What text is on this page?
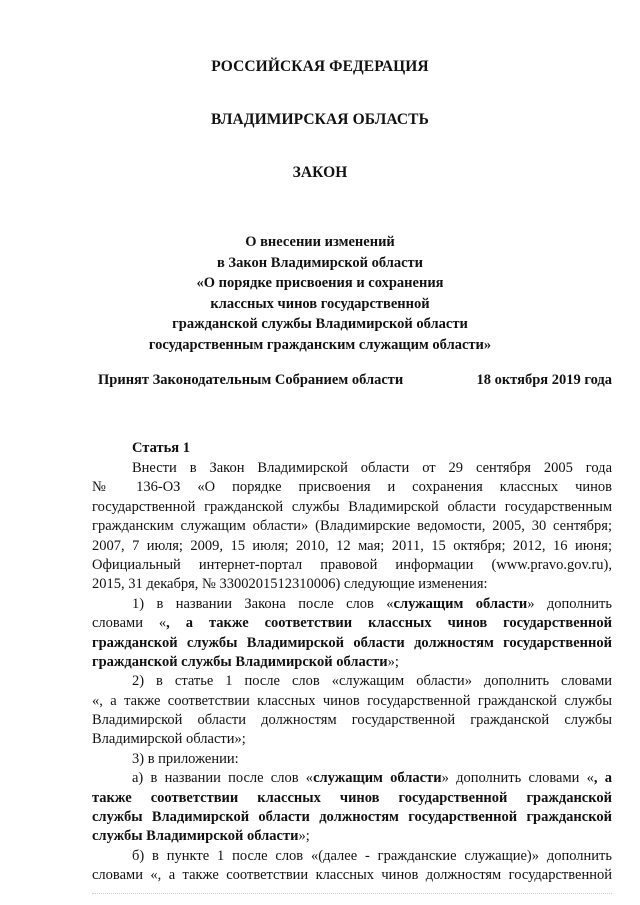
РОССИЙСКАЯ ФЕДЕРАЦИЯ
ВЛАДИМИРСКАЯ ОБЛАСТЬ
ЗАКОН
О внесении изменений
в Закон Владимирской области
«О порядке присвоения и сохранения
классных чинов государственной
гражданской службы Владимирской области
государственным гражданским служащим области»
Принят Законодательным Собранием области	18 октября 2019 года
Статья 1
Внести в Закон Владимирской области от 29 сентября 2005 года
№ 136-ОЗ «О порядке присвоения и сохранения классных чинов
государственной гражданской службы Владимирской области государственным
гражданским служащим области» (Владимирские ведомости, 2005, 30 сентября;
2007, 7 июля; 2009, 15 июля; 2010, 12 мая; 2011, 15 октября; 2012, 16 июня;
Официальный интернет-портал правовой информации (www.pravo.gov.ru),
2015, 31 декабря, № 3300201512310006) следующие изменения:
1) в названии Закона после слов «служащим области» дополнить
словами «, а также соответствии классных чинов государственной
гражданской службы Владимирской области должностям государственной
гражданской службы Владимирской области»;
2) в статье 1 после слов «служащим области» дополнить словами
«, а также соответствии классных чинов государственной гражданской службы
Владимирской области должностям государственной гражданской службы
Владимирской области»;
3) в приложении:
а) в названии после слов «служащим области» дополнить словами «, а
также соответствии классных чинов государственной гражданской
службы Владимирской области должностям государственной гражданской
службы Владимирской области»;
б) в пункте 1 после слов «(далее - гражданские служащие)» дополнить
словами «, а также соответствии классных чинов должностям государственной
